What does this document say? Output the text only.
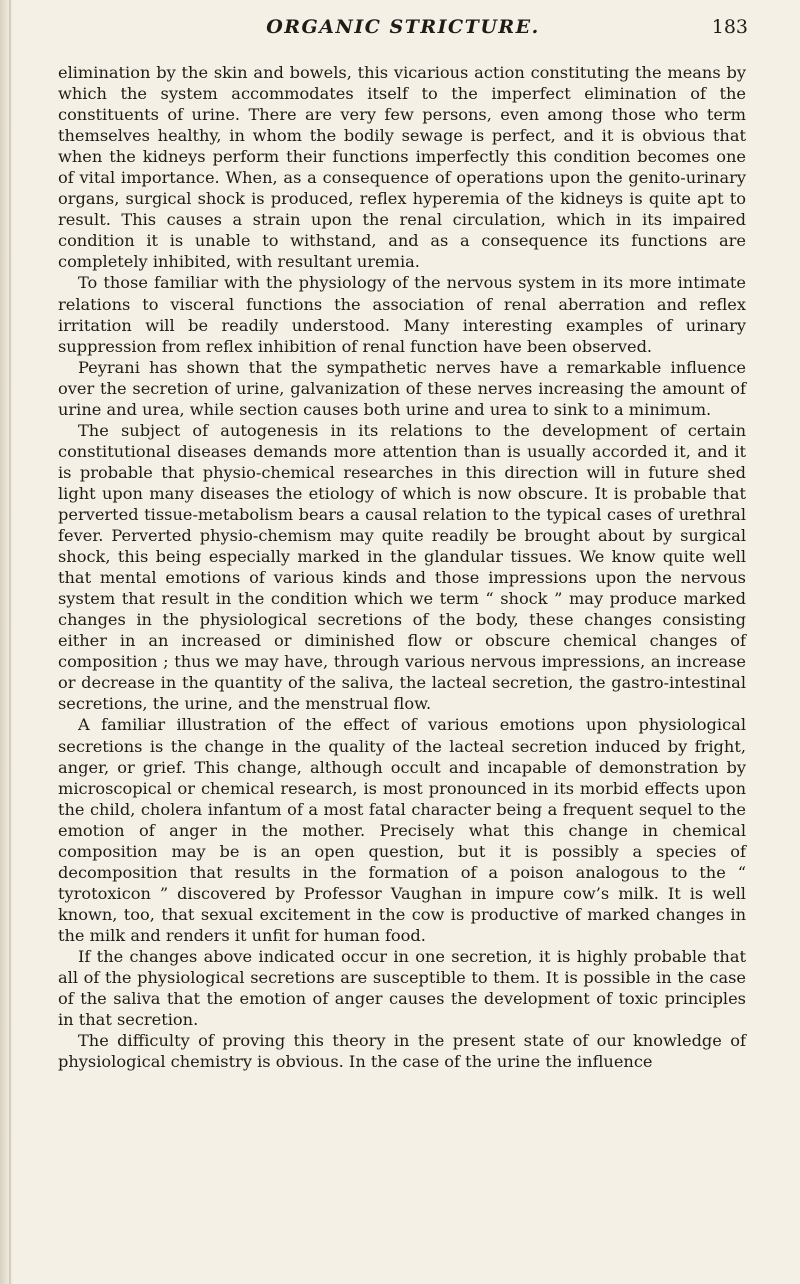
ORGANIC STRICTURE.	183

elimination by the skin and bowels, this vicarious action constituting the means by which the system accommodates itself to the imperfect elimination of the constituents of urine. There are very few persons, even among those who term themselves healthy, in whom the bodily sewage is perfect, and it is obvious that when the kidneys perform their functions imperfectly this condition becomes one of vital importance. When, as a consequence of operations upon the genito-urinary organs, surgical shock is produced, reflex hyperemia of the kidneys is quite apt to result. This causes a strain upon the renal circulation, which in its impaired condition it is unable to withstand, and as a consequence its functions are completely inhibited, with resultant uremia.

To those familiar with the physiology of the nervous system in its more intimate relations to visceral functions the association of renal aberration and reflex irritation will be readily understood. Many interesting examples of urinary suppression from reflex inhibition of renal function have been observed.

Peyrani has shown that the sympathetic nerves have a remarkable influence over the secretion of urine, galvanization of these nerves increasing the amount of urine and urea, while section causes both urine and urea to sink to a minimum.

The subject of autogenesis in its relations to the development of certain constitutional diseases demands more attention than is usually accorded it, and it is probable that physio-chemical researches in this direction will in future shed light upon many diseases the etiology of which is now obscure. It is probable that perverted tissue-metabolism bears a causal relation to the typical cases of urethral fever. Perverted physio-chemism may quite readily be brought about by surgical shock, this being especially marked in the glandular tissues. We know quite well that mental emotions of various kinds and those impressions upon the nervous system that result in the condition which we term “ shock ” may produce marked changes in the physiological secretions of the body, these changes consisting either in an increased or diminished flow or obscure chemical changes of composition ; thus we may have, through various nervous impressions, an increase or decrease in the quantity of the saliva, the lacteal secretion, the gastro-intestinal secretions, the urine, and the menstrual flow.

A familiar illustration of the effect of various emotions upon physiological secretions is the change in the quality of the lacteal secretion induced by fright, anger, or grief. This change, although occult and incapable of demonstration by microscopical or chemical research, is most pronounced in its morbid effects upon the child, cholera infantum of a most fatal character being a frequent sequel to the emotion of anger in the mother. Precisely what this change in chemical composition may be is an open question, but it is possibly a species of decomposition that results in the formation of a poison analogous to the “ tyrotoxicon ” discovered by Professor Vaughan in impure cow’s milk. It is well known, too, that sexual excitement in the cow is productive of marked changes in the milk and renders it unfit for human food.

If the changes above indicated occur in one secretion, it is highly probable that all of the physiological secretions are susceptible to them. It is possible in the case of the saliva that the emotion of anger causes the development of toxic principles in that secretion.

The difficulty of proving this theory in the present state of our knowledge of physiological chemistry is obvious. In the case of the urine the influence
